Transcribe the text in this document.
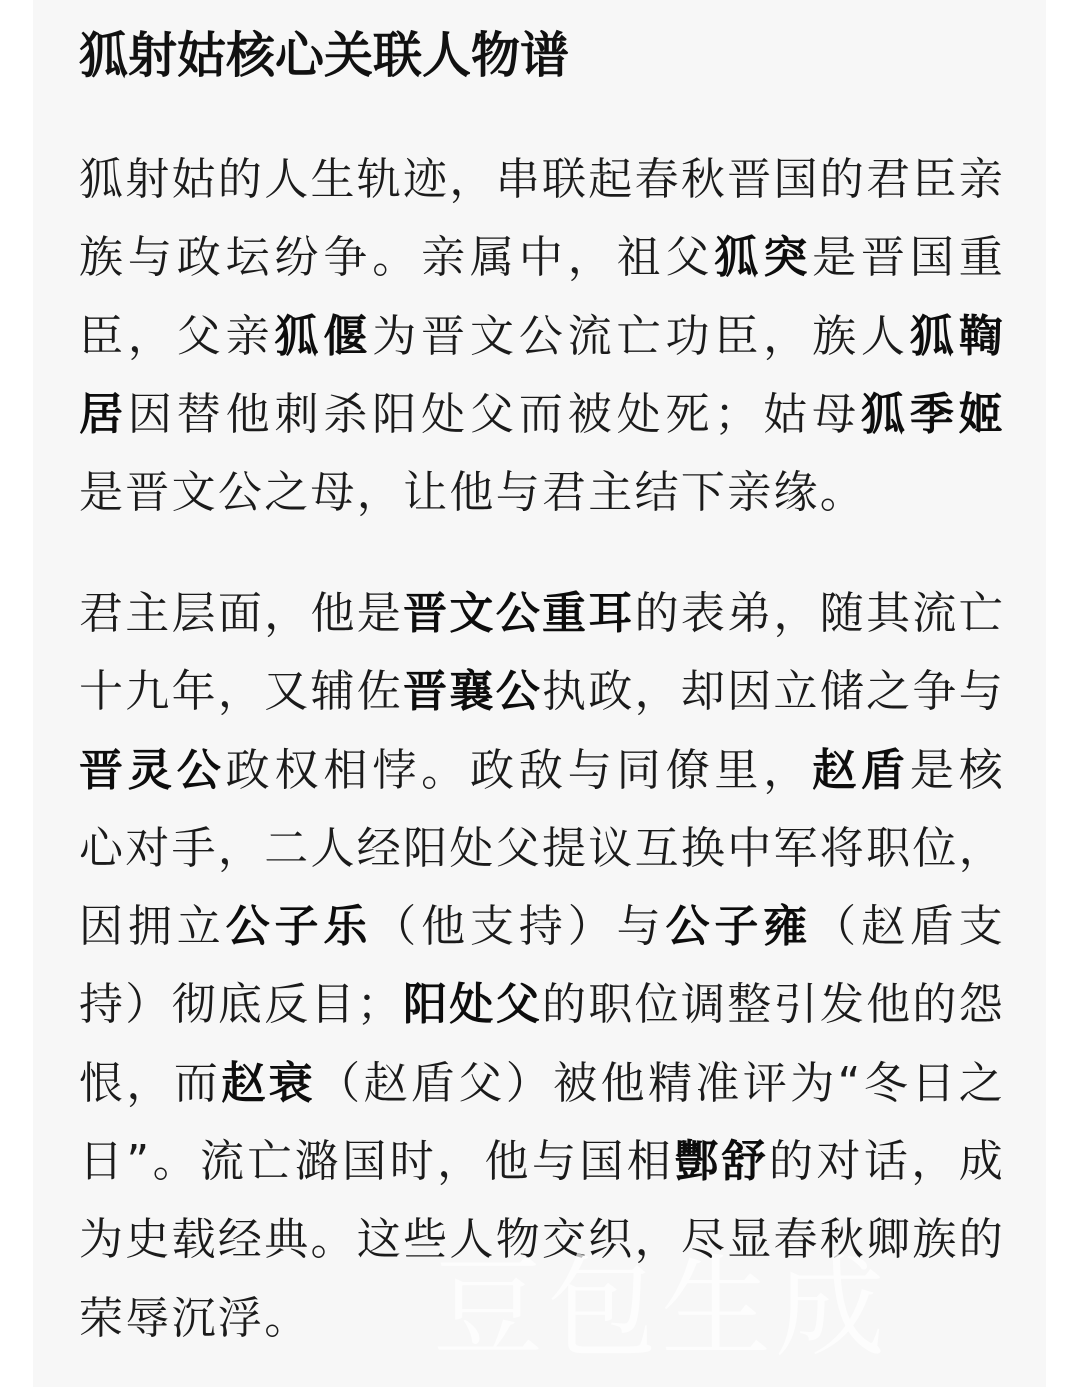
狐射姑核心关联人物谱

狐射姑的人生轨迹，串联起春秋晋国的君臣亲族与政坛纷争。亲属中，祖父狐突是晋国重臣，父亲狐偃为晋文公流亡功臣，族人狐鞫居因替他刺杀阳处父而被处死；姑母狐季姬是晋文公之母，让他与君主结下亲缘。

君主层面，他是晋文公重耳的表弟，随其流亡十九年，又辅佐晋襄公执政，却因立储之争与晋灵公政权相悖。政敌与同僚里，赵盾是核心对手，二人经阳处父提议互换中军将职位，因拥立公子乐（他支持）与公子雍（赵盾支持）彻底反目；阳处父的职位调整引发他的怨恨，而赵衰（赵盾父）被他精准评为“冬日之日”。流亡潞国时，他与国相酆舒的对话，成为史载经典。这些人物交织，尽显春秋卿族的荣辱沉浮。	豆包生成
